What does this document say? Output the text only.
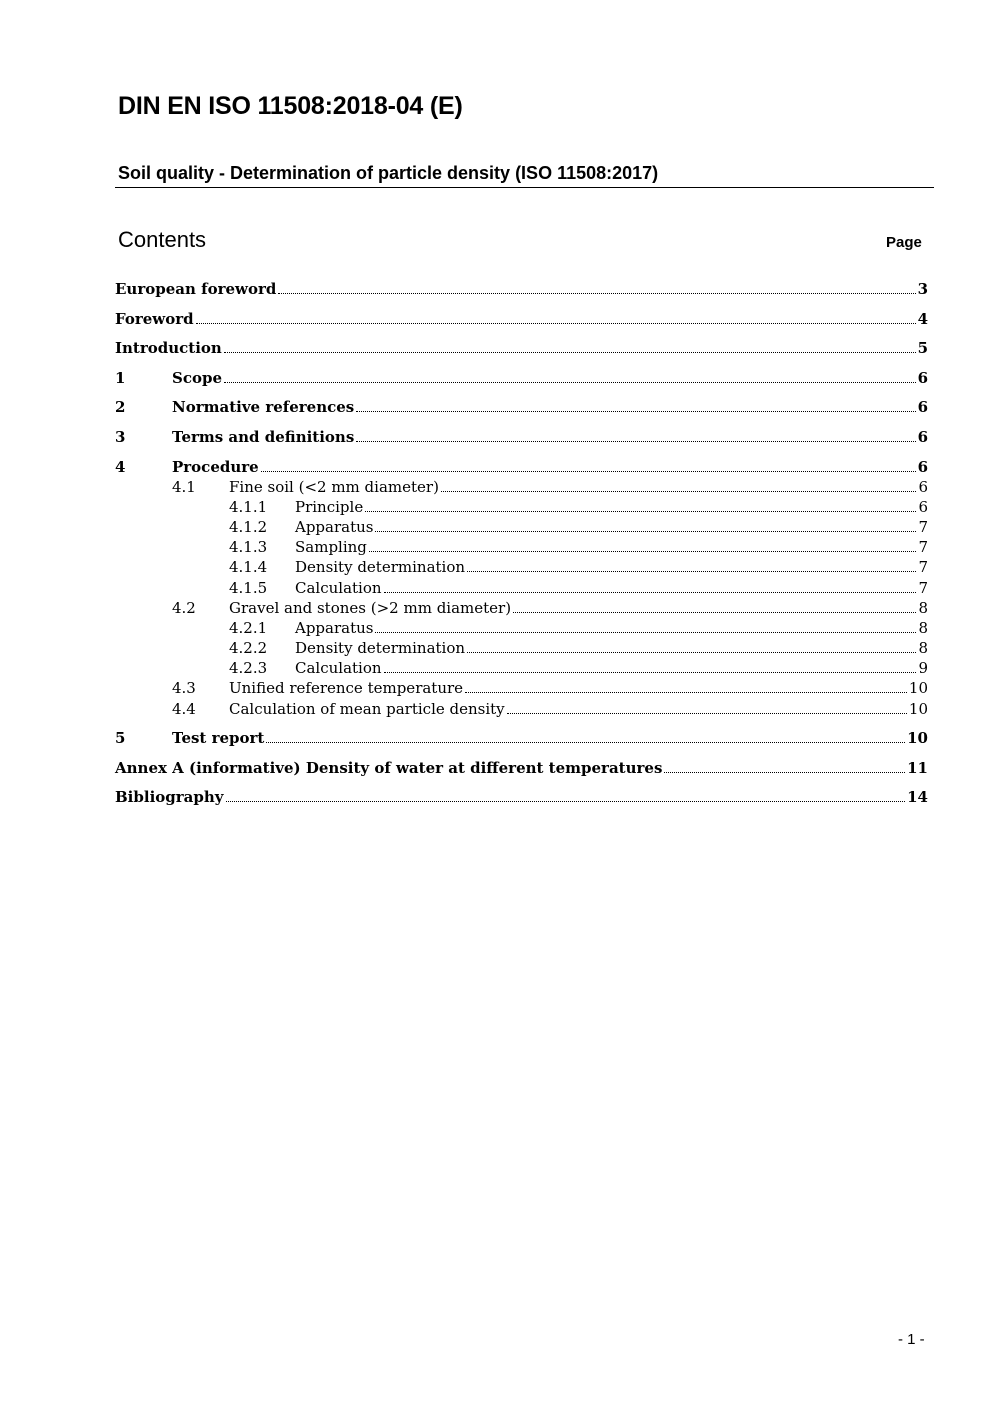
DIN EN ISO 11508:2018-04 (E)
Soil quality - Determination of particle density (ISO 11508:2017)
Contents	Page
European foreword	3
Foreword	4
Introduction	5
1	Scope	6
2	Normative references	6
3	Terms and definitions	6
4	Procedure	6
4.1	Fine soil (<2 mm diameter)	6
4.1.1	Principle	6
4.1.2	Apparatus	7
4.1.3	Sampling	7
4.1.4	Density determination	7
4.1.5	Calculation	7
4.2	Gravel and stones (>2 mm diameter)	8
4.2.1	Apparatus	8
4.2.2	Density determination	8
4.2.3	Calculation	9
4.3	Unified reference temperature	10
4.4	Calculation of mean particle density	10
5	Test report	10
Annex A (informative) Density of water at different temperatures	11
Bibliography	14
- 1 -
